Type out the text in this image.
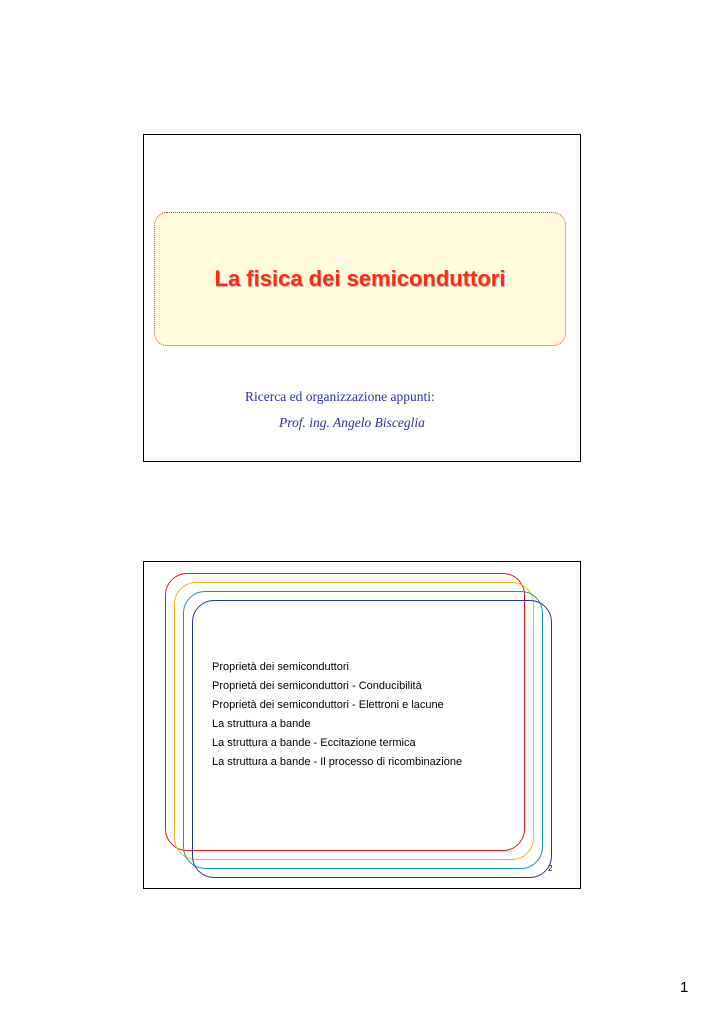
La fisica dei semiconduttori
Ricerca ed organizzazione appunti:
Prof. ing. Angelo Bisceglia
Proprietà dei semiconduttori
Proprietà dei semiconduttori - Conducibilità
Proprietà dei semiconduttori - Elettroni e lacune
La struttura a bande
La struttura a bande - Eccitazione termica
La struttura a bande - Il processo di ricombinazione
2
1
